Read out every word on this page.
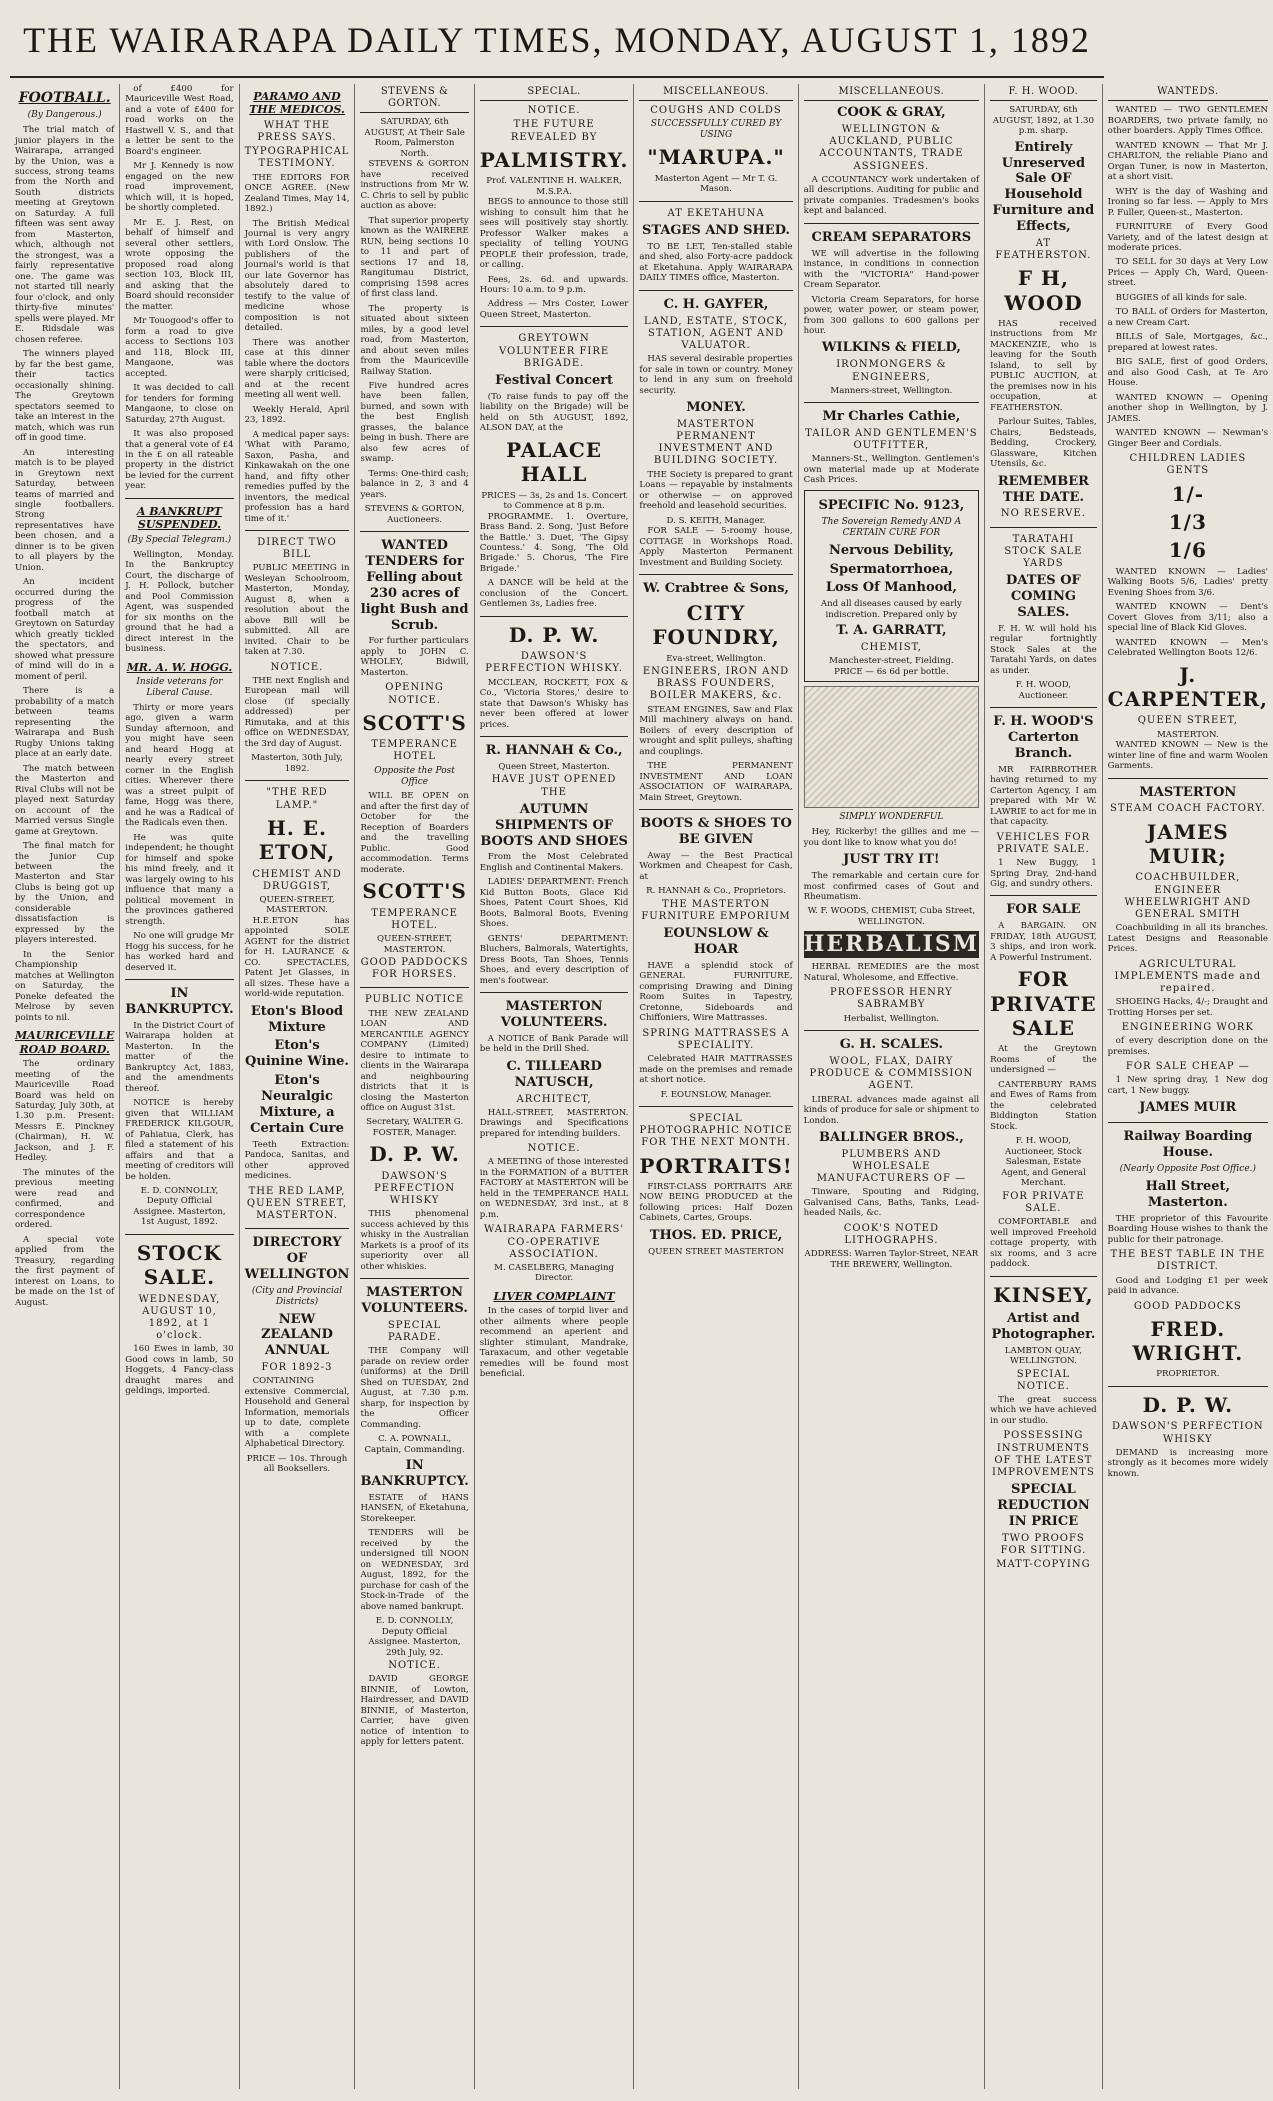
THE WAIRARAPA DAILY TIMES, MONDAY, AUGUST 1, 1892
FOOTBALL.
(By Dangerous.)

The trial match of junior players in the Wairarapa, arranged by the Union, was a success, strong teams from the North and South districts meeting at Greytown on Saturday. A full fifteen was sent away from Masterton, which, although not the strongest, was a fairly representative one. The game was not started till nearly four o'clock, and only thirty-five minutes' spells were played. Mr E. Ridsdale was chosen referee.

The winners played by far the best game, their tactics occasionally shining. The Greytown spectators seemed to take an interest in the match, which was run off in good time.

An interesting match is to be played in Greytown next Saturday, between teams of married and single footballers. Strong representatives have been chosen, and a dinner is to be given to all players by the Union.

An incident occurred during the progress of the football match at Greytown on Saturday which greatly tickled the spectators, and showed what pressure of mind will do in a moment of peril.

There is a probability of a match between teams representing the Wairarapa and Bush Rugby Unions taking place at an early date.

The match between the Masterton and Rival Clubs will not be played next Saturday on account of the Married versus Single game at Greytown.

The final match for the Junior Cup between the Masterton and Star Clubs is being got up by the Union, and considerable dissatisfaction is expressed by the players interested.

In the Senior Championship matches at Wellington on Saturday, the Poneke defeated the Melrose by seven points to nil.

MAURICEVILLE ROAD BOARD.

The ordinary meeting of the Mauriceville Road Board was held on Saturday, July 30th, at 1.30 p.m. Present: Messrs E. Pinckney (Chairman), H. W. Jackson, and J. F. Hedley.

The minutes of the previous meeting were read and confirmed, and correspondence ordered.

A special vote applied from the Treasury, regarding the first payment of interest on Loans, to be made on the 1st of August.

of £400 for Mauriceville West Road, and a vote of £400 for road works on the Hastwell V. S., and that a letter be sent to the Board's engineer.

Mr J. Kennedy is now engaged on the new road improvement, which will, it is hoped, be shortly completed.

Mr E. J. Rest, on behalf of himself and several other settlers, wrote opposing the proposed road along section 103, Block III, and asking that the Board should reconsider the matter.

Mr Touogood's offer to form a road to give access to Sections 103 and 118, Block III, Mangaone, was accepted.

It was decided to call for tenders for forming Mangaone, to close on Saturday, 27th August.

It was also proposed that a general vote of £4 in the £ on all rateable property in the district be levied for the current year.

A BANKRUPT SUSPENDED.
(By Special Telegram.)

Wellington, Monday. In the Bankruptcy Court, the discharge of J. H. Pollock, butcher and Pool Commission Agent, was suspended for six months on the ground that he had a direct interest in the business.

MR. A. W. HOGG.
Inside veterans for Liberal Cause.

Thirty or more years ago, given a warm Sunday afternoon, and you might have seen and heard Hogg at nearly every street corner in the English cities. Wherever there was a street pulpit of fame, Hogg was there, and he was a Radical of the Radicals even then.

He was quite independent; he thought for himself and spoke his mind freely, and it was largely owing to his influence that many a political movement in the provinces gathered strength.

No one will grudge Mr Hogg his success, for he has worked hard and deserved it.

IN BANKRUPTCY.

In the District Court of Wairarapa holden at Masterton. In the matter of the Bankruptcy Act, 1883, and the amendments thereof.

NOTICE is hereby given that WILLIAM FREDERICK KILGOUR, of Pahiatua, Clerk, has filed a statement of his affairs and that a meeting of creditors will be holden.

E. D. CONNOLLY, Deputy Official Assignee. Masterton, 1st August, 1892.
STOCK SALE.
WEDNESDAY, AUGUST 10, 1892, at 1 o'clock.

160 Ewes in lamb, 30 Good cows in lamb, 50 Hoggets, 4 Fancy-class draught mares and geldings, imported.

PARAMO AND THE MEDICOS.
WHAT THE PRESS SAYS.
TYPOGRAPHICAL TESTIMONY.

THE EDITORS FOR ONCE AGREE. (New Zealand Times, May 14, 1892.)

The British Medical Journal is very angry with Lord Onslow. The publishers of the Journal's world is that our late Governor has absolutely dared to testify to the value of medicine whose composition is not detailed.

There was another case at this dinner table where the doctors were sharply criticised, and at the recent meeting all went well.

Weekly Herald, April 23, 1892.

A medical paper says: 'What with Paramo, Saxon, Pasha, and Kinkawakah on the one hand, and fifty other remedies puffed by the inventors, the medical profession has a hard time of it.'

DIRECT TWO BILL

PUBLIC MEETING in Wesleyan Schoolroom, Masterton, Monday, August 8, when a resolution about the above Bill will be submitted. All are invited. Chair to be taken at 7.30.

NOTICE.

THE next English and European mail will close (if specially addressed) per Rimutaka, and at this office on WEDNESDAY, the 3rd day of August.

Masterton, 30th July, 1892.
"THE RED LAMP."
H. E. ETON,
CHEMIST AND DRUGGIST,
QUEEN-STREET, MASTERTON.

H.E.ETON has appointed SOLE AGENT for the district for H. LAURANCE & CO. SPECTACLES, Patent Jet Glasses, in all sizes. These have a world-wide reputation.

Eton's Blood Mixture
Eton's Quinine Wine.
Eton's Neuralgic Mixture, a Certain Cure

Teeth Extraction: Pandoca, Sanitas, and other approved medicines.

THE RED LAMP, QUEEN STREET, MASTERTON.
DIRECTORY OF WELLINGTON
(City and Provincial Districts)
NEW ZEALAND ANNUAL
FOR 1892-3

CONTAINING extensive Commercial, Household and General Information, memorials up to date, complete with a complete Alphabetical Directory.

PRICE — 10s. Through all Booksellers.
STEVENS & GORTON.
SATURDAY, 6th AUGUST, At Their Sale Room, Palmerston North.

STEVENS & GORTON have received instructions from Mr W. C. Chris to sell by public auction as above:

That superior property known as the WAIRERE RUN, being sections 10 to 11 and part of sections 17 and 18, Rangitumau District, comprising 1598 acres of first class land.

The property is situated about sixteen miles, by a good level road, from Masterton, and about seven miles from the Mauriceville Railway Station.

Five hundred acres have been fallen, burned, and sown with the best English grasses, the balance being in bush. There are also few acres of swamp.

Terms: One-third cash; balance in 2, 3 and 4 years.

STEVENS & GORTON, Auctioneers.
WANTED TENDERS for Felling about 230 acres of light Bush and Scrub.

For further particulars apply to JOHN C. WHOLEY, Bidwill, Masterton.

OPENING NOTICE.
SCOTT'S
TEMPERANCE HOTEL
Opposite the Post Office

WILL BE OPEN on and after the first day of October for the Reception of Boarders and the travelling Public. Good accommodation. Terms moderate.

SCOTT'S
TEMPERANCE HOTEL.
QUEEN-STREET, MASTERTON.
GOOD PADDOCKS FOR HORSES.
PUBLIC NOTICE

THE NEW ZEALAND LOAN AND MERCANTILE AGENCY COMPANY (Limited) desire to intimate to clients in the Wairarapa and neighbouring districts that it is closing the Masterton office on August 31st.

Secretary, WALTER G. FOSTER, Manager.
D. P. W.
DAWSON'S PERFECTION WHISKY

THIS phenomenal success achieved by this whisky in the Australian Markets is a proof of its superiority over all other whiskies.

MASTERTON VOLUNTEERS.
SPECIAL PARADE.

THE Company will parade on review order (uniforms) at the Drill Shed on TUESDAY, 2nd August, at 7.30 p.m. sharp, for inspection by the Officer Commanding.

C. A. POWNALL, Captain, Commanding.
IN BANKRUPTCY.

ESTATE of HANS HANSEN, of Eketahuna, Storekeeper.

TENDERS will be received by the undersigned till NOON on WEDNESDAY, 3rd August, 1892, for the purchase for cash of the Stock-in-Trade of the above named bankrupt.

E. D. CONNOLLY, Deputy Official Assignee. Masterton, 29th July, 92.
NOTICE.

DAVID GEORGE BINNIE, of Lowton, Hairdresser, and DAVID BINNIE, of Masterton, Carrier, have given notice of intention to apply for letters patent.

SPECIAL.
NOTICE.
THE FUTURE REVEALED BY
PALMISTRY.
Prof. VALENTINE H. WALKER, M.S.P.A.

BEGS to announce to those still wishing to consult him that he sees will positively stay shortly. Professor Walker makes a speciality of telling YOUNG PEOPLE their profession, trade, or calling.

Fees, 2s. 6d. and upwards. Hours: 10 a.m. to 9 p.m.

Address — Mrs Coster, Lower Queen Street, Masterton.

GREYTOWN VOLUNTEER FIRE BRIGADE.
Festival Concert

(To raise funds to pay off the liability on the Brigade) will be held on 5th AUGUST, 1892, ALSON DAY, at the

PALACE HALL
PRICES — 3s, 2s and 1s. Concert to Commence at 8 p.m.

PROGRAMME. 1. Overture, Brass Band. 2. Song, 'Just Before the Battle.' 3. Duet, 'The Gipsy Countess.' 4. Song, 'The Old Brigade.' 5. Chorus, 'The Fire Brigade.'

A DANCE will be held at the conclusion of the Concert. Gentlemen 3s, Ladies free.

D. P. W.
DAWSON'S PERFECTION WHISKY.

MCCLEAN, ROCKETT, FOX & Co., 'Victoria Stores,' desire to state that Dawson's Whisky has never been offered at lower prices.

R. HANNAH & Co.,
Queen Street, Masterton.
HAVE JUST OPENED THE
AUTUMN SHIPMENTS OF BOOTS AND SHOES

From the Most Celebrated English and Continental Makers.

LADIES' DEPARTMENT: French Kid Button Boots, Glace Kid Shoes, Patent Court Shoes, Kid Boots, Balmoral Boots, Evening Shoes.

GENTS' DEPARTMENT: Bluchers, Balmorals, Watertights, Dress Boots, Tan Shoes, Tennis Shoes, and every description of men's footwear.

MASTERTON VOLUNTEERS.

A NOTICE of Bank Parade will be held in the Drill Shed.

C. TILLEARD NATUSCH,
ARCHITECT,

HALL-STREET, MASTERTON. Drawings and Specifications prepared for intending builders.

NOTICE.

A MEETING of those interested in the FORMATION of a BUTTER FACTORY at MASTERTON will be held in the TEMPERANCE HALL on WEDNESDAY, 3rd inst., at 8 p.m.

WAIRARAPA FARMERS' CO-OPERATIVE ASSOCIATION.
M. CASELBERG, Managing Director.
LIVER COMPLAINT

In the cases of torpid liver and other ailments where people recommend an aperient and slighter stimulant, Mandrake, Taraxacum, and other vegetable remedies will be found most beneficial.

MISCELLANEOUS.
COUGHS AND COLDS
SUCCESSFULLY CURED BY USING
"MARUPA."
Masterton Agent — Mr T. G. Mason.
AT EKETAHUNA
STAGES AND SHED.

TO BE LET, Ten-stalled stable and shed, also Forty-acre paddock at Eketahuna. Apply WAIRARAPA DAILY TIMES office, Masterton.

C. H. GAYFER,
LAND, ESTATE, STOCK, STATION, AGENT AND VALUATOR.

HAS several desirable properties for sale in town or country. Money to lend in any sum on freehold security.

MONEY.
MASTERTON PERMANENT INVESTMENT AND BUILDING SOCIETY.

THE Society is prepared to grant Loans — repayable by instalments or otherwise — on approved freehold and leasehold securities.

D. S. KEITH, Manager.

FOR SALE — 5-roomy house, COTTAGE in Workshops Road. Apply Masterton Permanent Investment and Building Society.

W. Crabtree & Sons,
CITY FOUNDRY,
Eva-street, Wellington.
ENGINEERS, IRON AND BRASS FOUNDERS, BOILER MAKERS, &c.

STEAM ENGINES, Saw and Flax Mill machinery always on hand. Boilers of every description of wrought and split pulleys, shafting and couplings.

THE PERMANENT INVESTMENT AND LOAN ASSOCIATION OF WAIRARAPA, Main Street, Greytown.

BOOTS & SHOES TO BE GIVEN

Away — the Best Practical Workmen and Cheapest for Cash, at

R. HANNAH & Co., Proprietors.
THE MASTERTON FURNITURE EMPORIUM
EOUNSLOW & HOAR

HAVE a splendid stock of GENERAL FURNITURE, comprising Drawing and Dining Room Suites in Tapestry, Cretonne, Sideboards and Chiffoniers, Wire Mattrasses.

SPRING MATTRASSES A SPECIALITY.

Celebrated HAIR MATTRASSES made on the premises and remade at short notice.

F. EOUNSLOW, Manager.
SPECIAL PHOTOGRAPHIC NOTICE FOR THE NEXT MONTH.
PORTRAITS!

FIRST-CLASS PORTRAITS ARE NOW BEING PRODUCED at the following prices: Half Dozen Cabinets, Cartes, Groups.

THOS. ED. PRICE,
QUEEN STREET MASTERTON
MISCELLANEOUS.
COOK & GRAY,
WELLINGTON & AUCKLAND, PUBLIC ACCOUNTANTS, TRADE ASSIGNEES.

A CCOUNTANCY work undertaken of all descriptions. Auditing for public and private companies. Tradesmen's books kept and balanced.

CREAM SEPARATORS

WE will advertise in the following instance, in conditions in connection with the "VICTORIA" Hand-power Cream Separator.

Victoria Cream Separators, for horse power, water power, or steam power, from 300 gallons to 600 gallons per hour.

WILKINS & FIELD,
IRONMONGERS & ENGINEERS,
Manners-street, Wellington.
Mr Charles Cathie,
TAILOR AND GENTLEMEN'S OUTFITTER,

Manners-St., Wellington. Gentlemen's own material made up at Moderate Cash Prices.

SPECIFIC No. 9123,
The Sovereign Remedy AND A CERTAIN CURE FOR
Nervous Debility,
Spermatorrhoea,
Loss Of Manhood,
And all diseases caused by early indiscretion. Prepared only by
T. A. GARRATT,
CHEMIST,
Manchester-street, Fielding.
PRICE — 6s 6d per bottle.
SIMPLY WONDERFUL

Hey, Rickerby! the gillies and me — you dont like to know what you do!

JUST TRY IT!

The remarkable and certain cure for most confirmed cases of Gout and Rheumatism.

W. F. WOODS, CHEMIST, Cuba Street, WELLINGTON.
HERBALISM

HERBAL REMEDIES are the most Natural, Wholesome, and Effective.

PROFESSOR HENRY SABRAMBY
Herbalist, Wellington.
G. H. SCALES.
WOOL, FLAX, DAIRY PRODUCE & COMMISSION AGENT.

LIBERAL advances made against all kinds of produce for sale or shipment to London.

BALLINGER BROS.,
PLUMBERS AND WHOLESALE MANUFACTURERS OF —

Tinware, Spouting and Ridging, Galvanised Cans, Baths, Tanks, Lead-headed Nails, &c.

COOK'S NOTED LITHOGRAPHS.
ADDRESS: Warren Taylor-Street, NEAR THE BREWERY, Wellington.
F. H. WOOD.
SATURDAY, 6th AUGUST, 1892, at 1.30 p.m. sharp.
Entirely Unreserved Sale OF Household Furniture and Effects,
AT FEATHERSTON.
F H, WOOD

HAS received instructions from Mr MACKENZIE, who is leaving for the South Island, to sell by PUBLIC AUCTION, at the premises now in his occupation, at FEATHERSTON.

Parlour Suites, Tables, Chairs, Bedsteads, Bedding, Crockery, Glassware, Kitchen Utensils, &c.

REMEMBER THE DATE.
NO RESERVE.
TARATAHI STOCK SALE YARDS
DATES OF COMING SALES.

F. H. W. will hold his regular fortnightly Stock Sales at the Taratahi Yards, on dates as under.

F. H. WOOD, Auctioneer.
F. H. WOOD'S Carterton Branch.

MR FAIRBROTHER having returned to my Carterton Agency, I am prepared with Mr W. LAWRIE to act for me in that capacity.

VEHICLES FOR PRIVATE SALE.

1 New Buggy, 1 Spring Dray, 2nd-hand Gig, and sundry others.

FOR SALE

A BARGAIN. ON FRIDAY, 18th AUGUST, 3 ships, and iron work. A Powerful Instrument.

FOR PRIVATE SALE

At the Greytown Rooms of the undersigned —

CANTERBURY RAMS and Ewes of Rams from the celebrated Biddington Station Stock.

F. H. WOOD, Auctioneer, Stock Salesman, Estate Agent, and General Merchant.
FOR PRIVATE SALE.

COMFORTABLE and well improved Freehold cottage property, with six rooms, and 3 acre paddock.

KINSEY,
Artist and Photographer.
LAMBTON QUAY, WELLINGTON.
SPECIAL NOTICE.

The great success which we have achieved in our studio.

POSSESSING INSTRUMENTS OF THE LATEST IMPROVEMENTS
SPECIAL REDUCTION IN PRICE
TWO PROOFS FOR SITTING.
MATT-COPYING
WANTEDS.

WANTED — TWO GENTLEMEN BOARDERS, two private family, no other boarders. Apply Times Office.

WANTED KNOWN — That Mr J. CHARLTON, the reliable Piano and Organ Tuner, is now in Masterton, at a short visit.

WHY is the day of Washing and Ironing so far less. — Apply to Mrs P. Fuller, Queen-st., Masterton.

FURNITURE of Every Good Variety, and of the latest design at moderate prices.

TO SELL for 30 days at Very Low Prices — Apply Ch, Ward, Queen-street.

BUGGIES of all kinds for sale.

TO BALL of Orders for Masterton, a new Cream Cart.

BILLS of Sale, Mortgages, &c., prepared at lowest rates.

BIG SALE, first of good Orders, and also Good Cash, at Te Aro House.

WANTED KNOWN — Opening another shop in Wellington, by J. JAMES.

WANTED KNOWN — Newman's Ginger Beer and Cordials.

CHILDREN LADIES GENTS
1/-
1/3
1/6

WANTED KNOWN — Ladies' Walking Boots 5/6, Ladies' pretty Evening Shoes from 3/6.

WANTED KNOWN — Dent's Covert Gloves from 3/11; also a special line of Black Kid Gloves.

WANTED KNOWN — Men's Celebrated Wellington Boots 12/6.

J. CARPENTER,
QUEEN STREET,
MASTERTON.

WANTED KNOWN — New is the winter line of fine and warm Woolen Garments.

MASTERTON
STEAM COACH FACTORY.
JAMES MUIR;
COACHBUILDER, ENGINEER WHEELWRIGHT AND GENERAL SMITH

Coachbuilding in all its branches. Latest Designs and Reasonable Prices.

AGRICULTURAL IMPLEMENTS made and repaired.

SHOEING Hacks, 4/-; Draught and Trotting Horses per set.

ENGINEERING WORK

of every description done on the premises.

FOR SALE CHEAP —

1 New spring dray, 1 New dog cart, 1 New buggy.

JAMES MUIR
Railway Boarding House.
(Nearly Opposite Post Office.)
Hall Street, Masterton.

THE proprietor of this Favourite Boarding House wishes to thank the public for their patronage.

THE BEST TABLE IN THE DISTRICT.

Good and Lodging £1 per week paid in advance.

GOOD PADDOCKS
FRED. WRIGHT.
PROPRIETOR.
D. P. W.
DAWSON'S PERFECTION WHISKY

DEMAND is increasing more strongly as it becomes more widely known.
